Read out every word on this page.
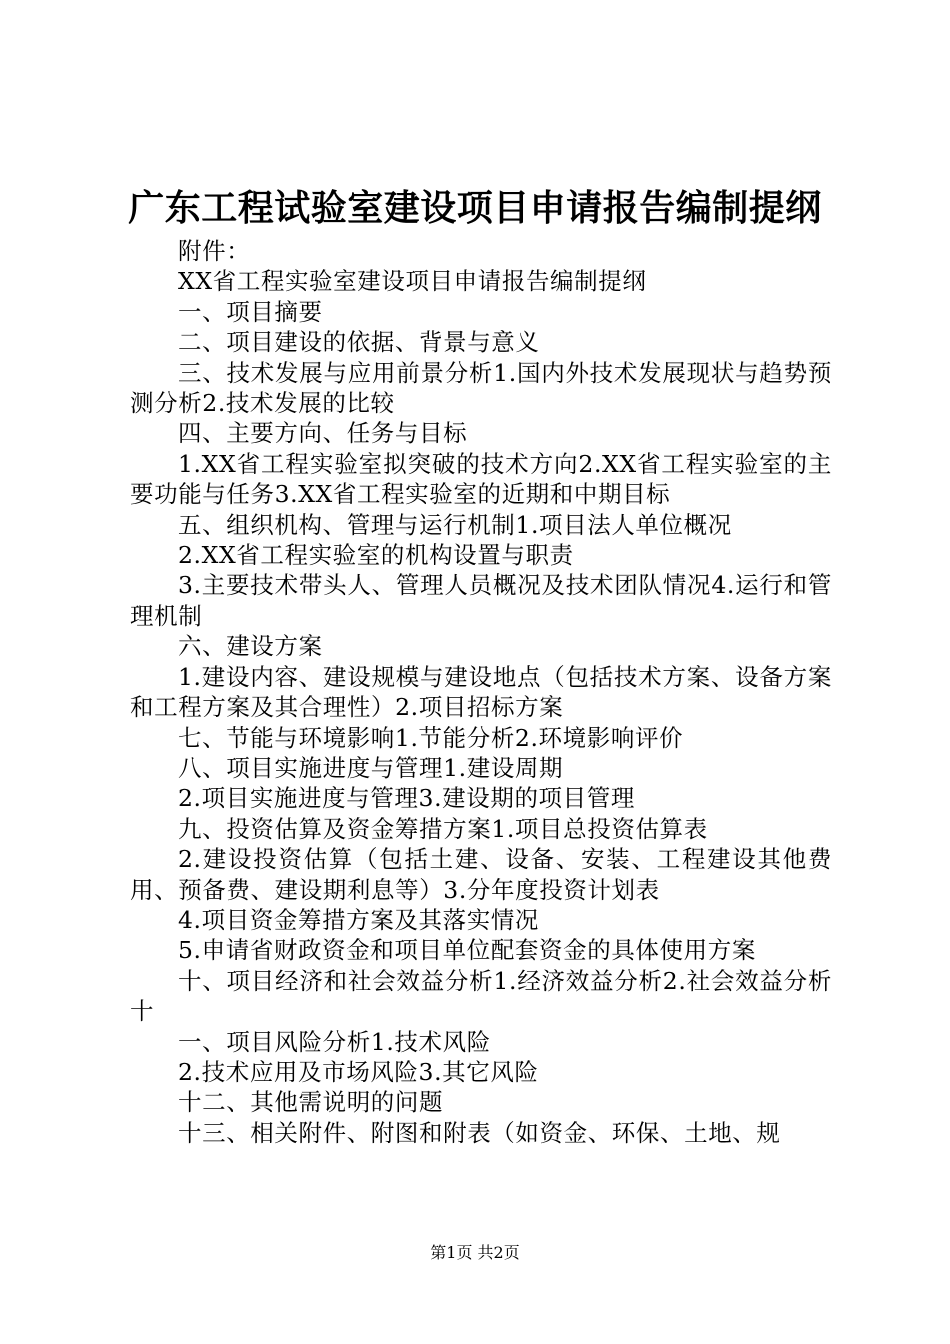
广东工程试验室建设项目申请报告编制提纲

附件：

XX省工程实验室建设项目申请报告编制提纲

一、项目摘要

二、项目建设的依据、背景与意义

三、技术发展与应用前景分析1.国内外技术发展现状与趋势预测分析2.技术发展的比较

四、主要方向、任务与目标

1.XX省工程实验室拟突破的技术方向2.XX省工程实验室的主要功能与任务3.XX省工程实验室的近期和中期目标

五、组织机构、管理与运行机制1.项目法人单位概况

2.XX省工程实验室的机构设置与职责

3.主要技术带头人、管理人员概况及技术团队情况4.运行和管理机制

六、建设方案

1.建设内容、建设规模与建设地点（包括技术方案、设备方案和工程方案及其合理性）2.项目招标方案

七、节能与环境影响1.节能分析2.环境影响评价

八、项目实施进度与管理1.建设周期

2.项目实施进度与管理3.建设期的项目管理

九、投资估算及资金筹措方案1.项目总投资估算表

2.建设投资估算（包括土建、设备、安装、工程建设其他费用、预备费、建设期利息等）3.分年度投资计划表

4.项目资金筹措方案及其落实情况

5.申请省财政资金和项目单位配套资金的具体使用方案

十、项目经济和社会效益分析1.经济效益分析2.社会效益分析十

一、项目风险分析1.技术风险

2.技术应用及市场风险3.其它风险

十二、其他需说明的问题

十三、相关附件、附图和附表（如资金、环保、土地、规

第1页 共2页
